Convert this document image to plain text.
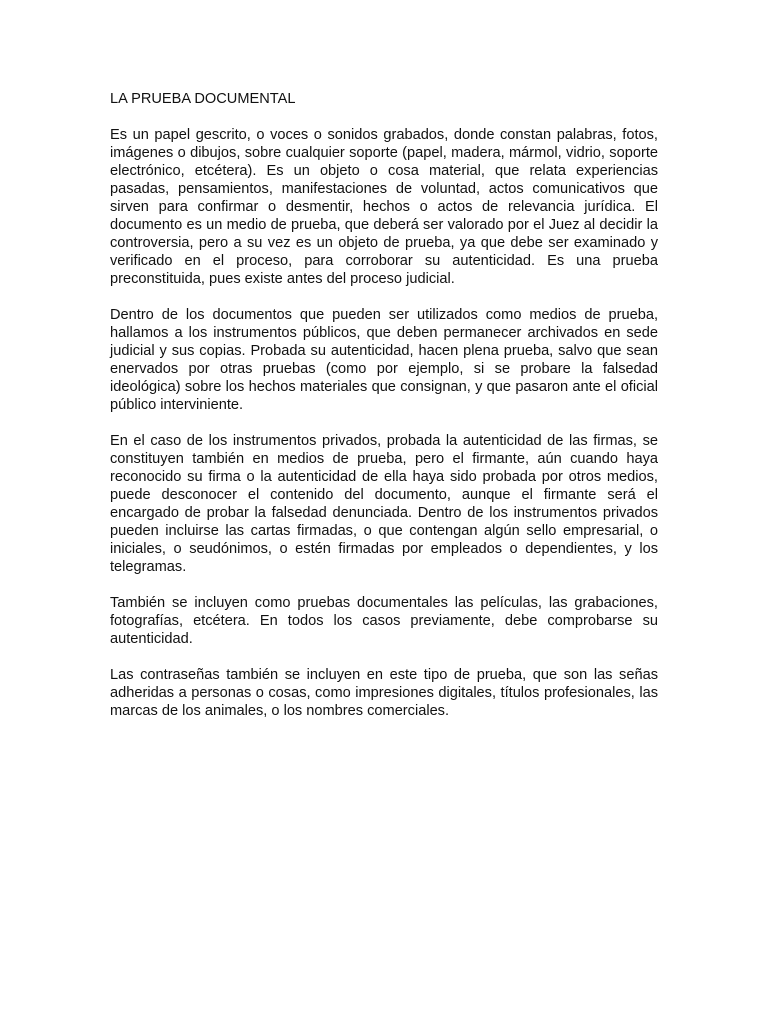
LA PRUEBA DOCUMENTAL

Es un papel gescrito, o voces o sonidos grabados, donde constan palabras, fotos, imágenes o dibujos, sobre cualquier soporte (papel, madera, mármol, vidrio, soporte electrónico, etcétera). Es un objeto o cosa material, que relata experiencias pasadas, pensamientos, manifestaciones de voluntad, actos comunicativos que sirven para confirmar o desmentir, hechos o actos de relevancia jurídica. El documento es un medio de prueba, que deberá ser valorado por el Juez al decidir la controversia, pero a su vez es un objeto de prueba, ya que debe ser examinado y verificado en el proceso, para corroborar su autenticidad. Es una prueba preconstituida, pues existe antes del proceso judicial.

Dentro de los documentos que pueden ser utilizados como medios de prueba, hallamos a los instrumentos públicos, que deben permanecer archivados en sede judicial y sus copias. Probada su autenticidad, hacen plena prueba, salvo que sean enervados por otras pruebas (como por ejemplo, si se probare la falsedad ideológica) sobre los hechos materiales que consignan, y que pasaron ante el oficial público interviniente.

En el caso de los instrumentos privados, probada la autenticidad de las firmas, se constituyen también en medios de prueba, pero el firmante, aún cuando haya reconocido su firma o la autenticidad de ella haya sido probada por otros medios, puede desconocer el contenido del documento, aunque el firmante será el encargado de probar la falsedad denunciada. Dentro de los instrumentos privados pueden incluirse las cartas firmadas, o que contengan algún sello empresarial, o iniciales, o seudónimos, o estén firmadas por empleados o dependientes, y los telegramas.

También se incluyen como pruebas documentales las películas, las grabaciones, fotografías, etcétera. En todos los casos previamente, debe comprobarse su autenticidad.

Las contraseñas también se incluyen en este tipo de prueba, que son las señas adheridas a personas o cosas, como impresiones digitales, títulos profesionales, las marcas de los animales, o los nombres comerciales.
